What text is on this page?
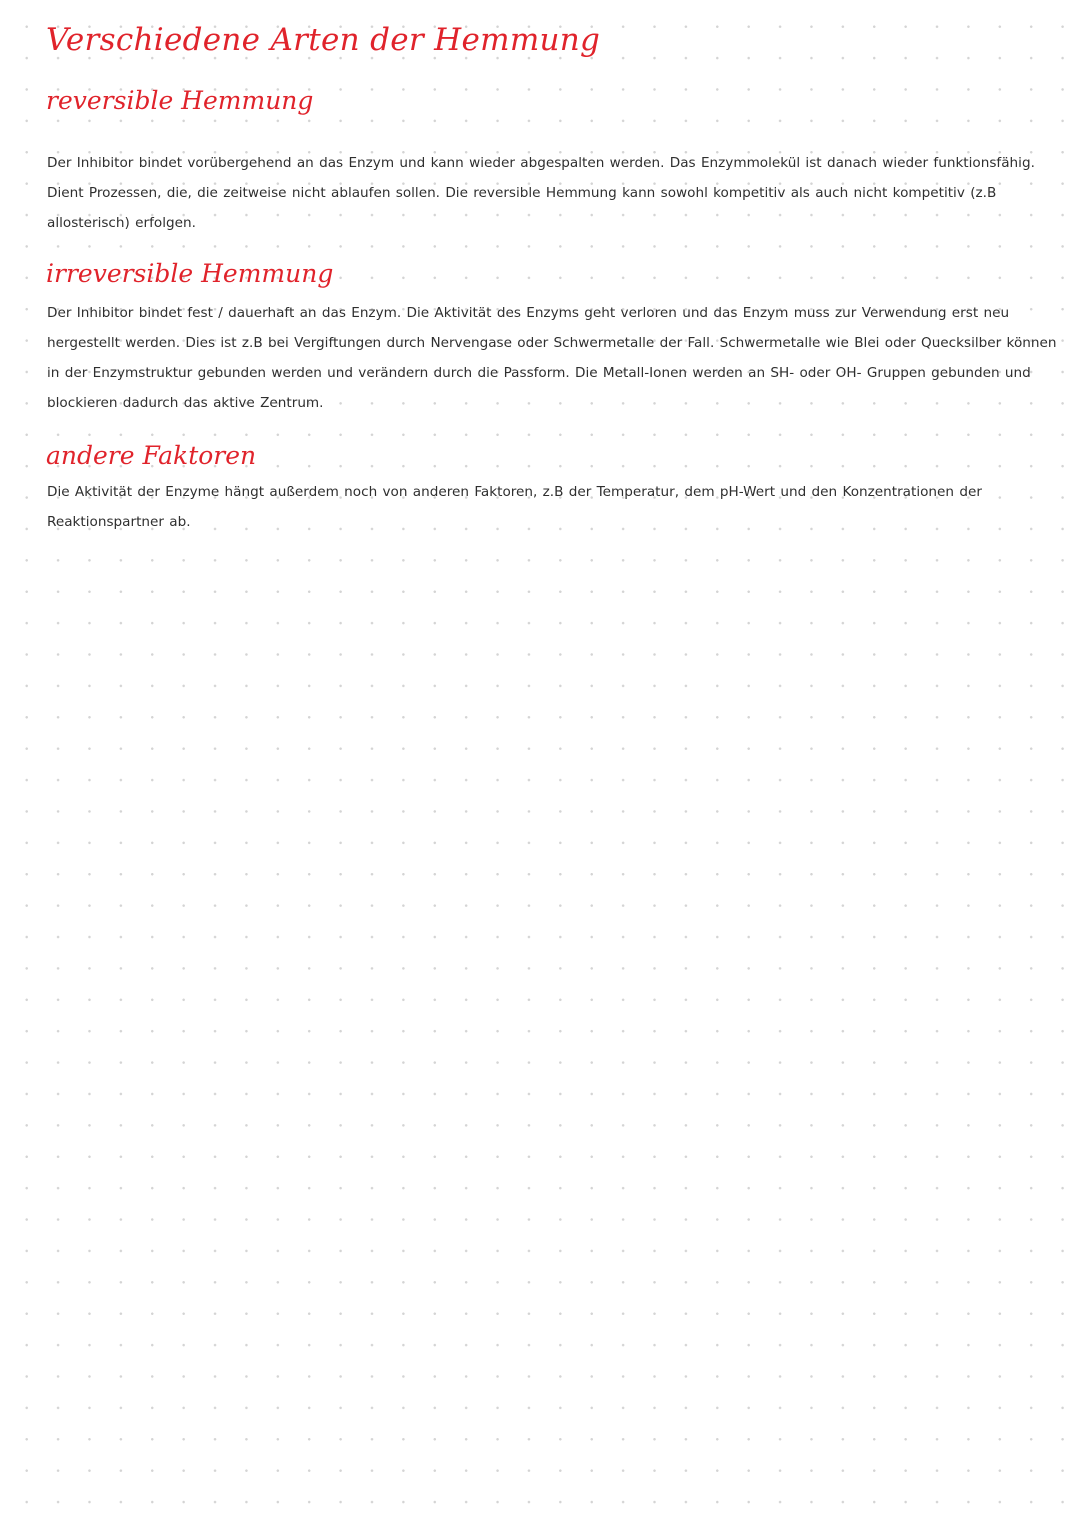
Verschiedene Arten der Hemmung
reversible Hemmung

Der Inhibitor bindet vorübergehend an das Enzym und kann wieder abgespalten werden. Das Enzymmolekül ist danach wieder funktionsfähig. Dient Prozessen, die, die zeitweise nicht ablaufen sollen. Die reversible Hemmung kann sowohl kompetitiv als auch nicht kompetitiv (z.B allosterisch) erfolgen.

irreversible Hemmung

Der Inhibitor bindet fest / dauerhaft an das Enzym. Die Aktivität des Enzyms geht verloren und das Enzym muss zur Verwendung erst neu hergestellt werden. Dies ist z.B bei Vergiftungen durch Nervengase oder Schwermetalle der Fall. Schwermetalle wie Blei oder Quecksilber können in der Enzymstruktur gebunden werden und verändern durch die Passform. Die Metall-Ionen werden an SH- oder OH- Gruppen gebunden und blockieren dadurch das aktive Zentrum.

andere Faktoren

Die Aktivität der Enzyme hängt außerdem noch von anderen Faktoren, z.B der Temperatur, dem pH-Wert und den Konzentrationen der Reaktionspartner ab.
